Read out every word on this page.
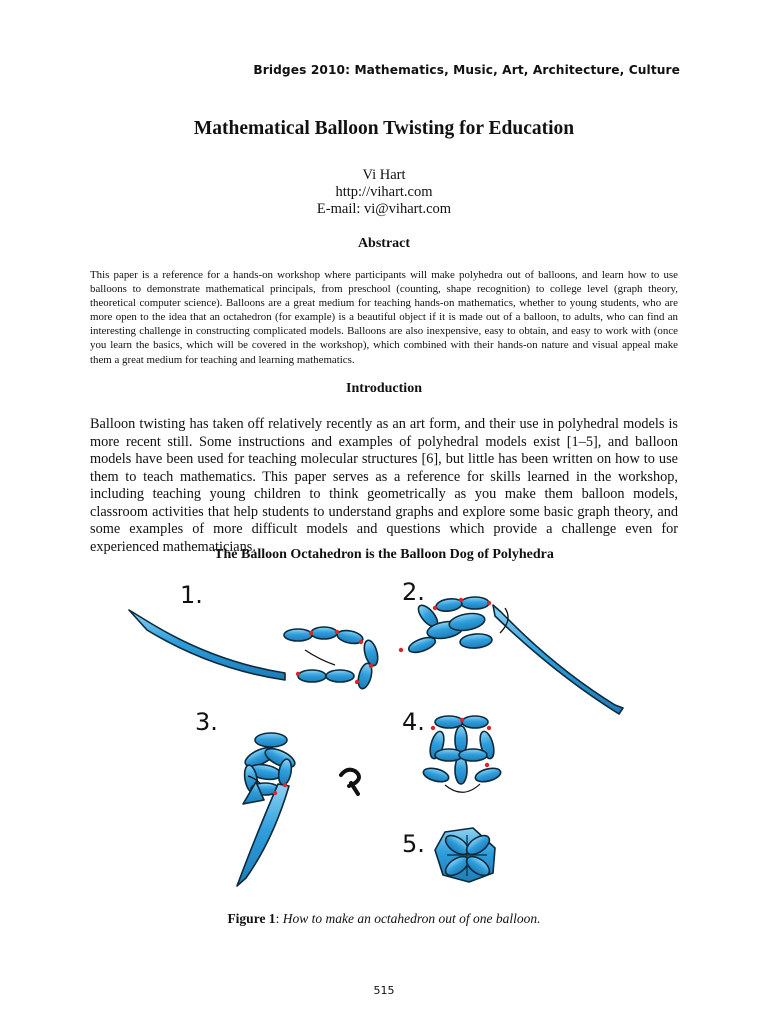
Bridges 2010: Mathematics, Music, Art, Architecture, Culture
Mathematical Balloon Twisting for Education
Vi Hart
http://vihart.com
E-mail: vi@vihart.com
Abstract
This paper is a reference for a hands-on workshop where participants will make polyhedra out of balloons, and learn how to use balloons to demonstrate mathematical principals, from preschool (counting, shape recognition) to college level (graph theory, theoretical computer science). Balloons are a great medium for teaching hands-on mathematics, whether to young students, who are more open to the idea that an octahedron (for example) is a beautiful object if it is made out of a balloon, to adults, who can find an interesting challenge in constructing complicated models. Balloons are also inexpensive, easy to obtain, and easy to work with (once you learn the basics, which will be covered in the workshop), which combined with their hands-on nature and visual appeal make them a great medium for teaching and learning mathematics.
Introduction
Balloon twisting has taken off relatively recently as an art form, and their use in polyhedral models is more recent still. Some instructions and examples of polyhedral models exist [1–5], and balloon models have been used for teaching molecular structures [6], but little has been written on how to use them to teach mathematics. This paper serves as a reference for skills learned in the workshop, including teaching young children to think geometrically as you make them balloon models, classroom activities that help students to understand graphs and explore some basic graph theory, and some examples of more difficult models and questions which provide a challenge even for experienced mathematicians.
The Balloon Octahedron is the Balloon Dog of Polyhedra
1.	2.
3.	4.
5.
Figure 1: How to make an octahedron out of one balloon.
515
